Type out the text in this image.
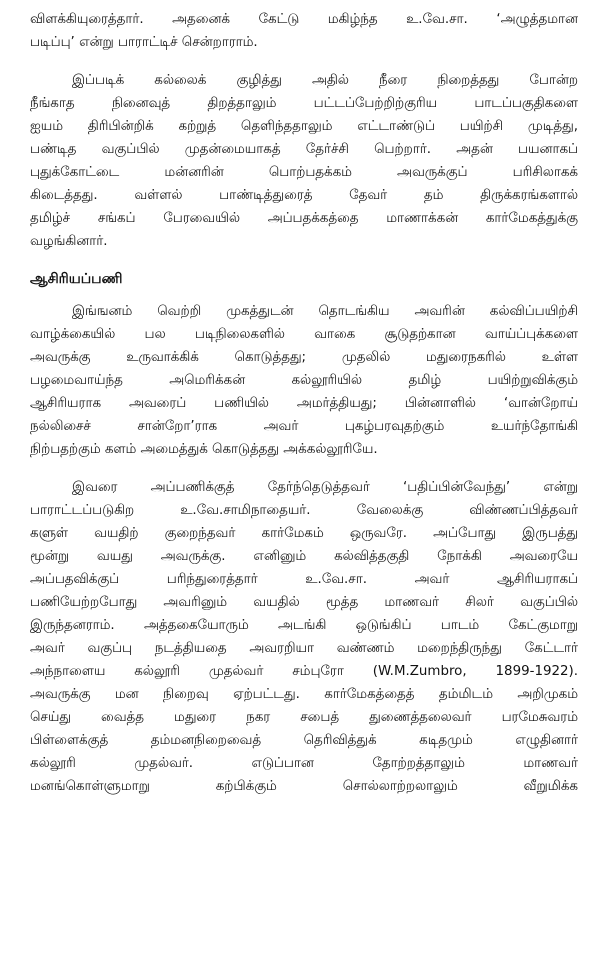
விளக்கியுரைத்தார். அதனைக் கேட்டு மகிழ்ந்த உ.வே.சா. ‘அழுத்தமான
படிப்பு’ என்று பாராட்டிச் சென்றாராம்.
இப்படிக் கல்லைக் குழித்து அதில் நீரை நிறைத்தது போன்ற
நீங்காத நினைவுத் திறத்தாலும் பட்டப்பேற்றிற்குரிய பாடப்பகுதிகளை
ஐயம் திரிபின்றிக் கற்றுத் தெளிந்ததாலும் எட்டாண்டுப் பயிற்சி முடித்து,
பண்டித வகுப்பில் முதன்மையாகத் தேர்ச்சி பெற்றார். அதன் பயனாகப்
புதுக்கோட்டை மன்னரின் பொற்பதக்கம் அவருக்குப் பரிசிலாகக்
கிடைத்தது. வள்ளல் பாண்டித்துரைத் தேவர் தம் திருக்கரங்களால்
தமிழ்ச் சங்கப் பேரவையில் அப்பதக்கத்தை மாணாக்கன் கார்மேகத்துக்கு
வழங்கினார்.

ஆசிரியப்பணி

இங்ஙனம் வெற்றி முகத்துடன் தொடங்கிய அவரின் கல்விப்பயிற்சி
வாழ்க்கையில் பல படிநிலைகளில் வாகை சூடுதற்கான வாய்ப்புக்களை
அவருக்கு உருவாக்கிக் கொடுத்தது; முதலில் மதுரைநகரில் உள்ள
பழமைவாய்ந்த அமெரிக்கன் கல்லூரியில் தமிழ் பயிற்றுவிக்கும்
ஆசிரியராக அவரைப் பணியில் அமர்த்தியது; பின்னாளில் ‘வான்றோய்
நல்லிசைச் சான்றோ’ராக அவர் புகழ்பரவுதற்கும் உயர்ந்தோங்கி
நிற்பதற்கும் களம் அமைத்துக் கொடுத்தது அக்கல்லூரியே.
இவரை அப்பணிக்குத் தேர்ந்தெடுத்தவர் ‘பதிப்பின்வேந்து’ என்று
பாராட்டப்படுகிற உ.வே.சாமிநாதையர். வேலைக்கு விண்ணப்பித்தவர்
களுள் வயதிற் குறைந்தவர் கார்மேகம் ஒருவரே. அப்போது இருபத்து
மூன்று வயது அவருக்கு. எனினும் கல்வித்தகுதி நோக்கி அவரையே
அப்பதவிக்குப் பரிந்துரைத்தார் உ.வே.சா. அவர் ஆசிரியராகப்
பணியேற்றபோது அவரினும் வயதில் மூத்த மாணவர் சிலர் வகுப்பில்
இருந்தனராம். அத்தகையோரும் அடங்கி ஒடுங்கிப் பாடம் கேட்குமாறு
அவர் வகுப்பு நடத்தியதை அவரறியா வண்ணம் மறைந்திருந்து கேட்டார்
அந்நாளைய கல்லூரி முதல்வர் சம்புரோ (W.M.Zumbro, 1899-1922).
அவருக்கு மன நிறைவு ஏற்பட்டது. கார்மேகத்தைத் தம்மிடம் அறிமுகம்
செய்து வைத்த மதுரை நகர சபைத் துணைத்தலைவர் பரமேசுவரம்
பிள்ளைக்குத் தம்மனநிறைவைத் தெரிவித்துக் கடிதமும் எழுதினார்
கல்லூரி முதல்வர். எடுப்பான தோற்றத்தாலும் மாணவர்
மனங்கொள்ளுமாறு கற்பிக்கும் சொல்லாற்றலாலும் வீறுமிக்க
